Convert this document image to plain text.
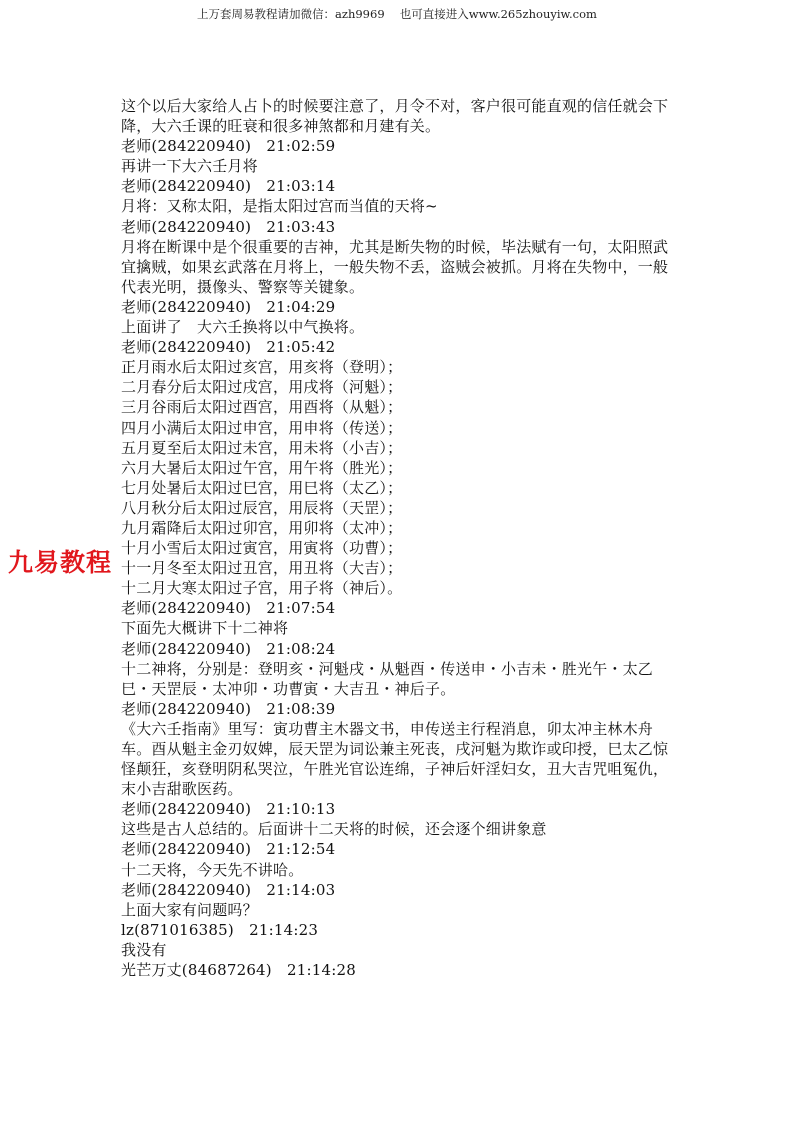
上万套周易教程请加微信：azh9969　 也可直接进入www.265zhouyiw.com
这个以后大家给人占卜的时候要注意了，月令不对，客户很可能直观的信任就会下降，大六壬课的旺衰和很多神煞都和月建有关。
老师(284220940)　21:02:59
再讲一下大六壬月将
老师(284220940)　21:03:14
月将：又称太阳，是指太阳过宫而当值的天将~
老师(284220940)　21:03:43
月将在断课中是个很重要的吉神，尤其是断失物的时候，毕法赋有一句，太阳照武宜擒贼，如果玄武落在月将上，一般失物不丢，盗贼会被抓。月将在失物中，一般代表光明，摄像头、警察等关键象。
老师(284220940)　21:04:29
上面讲了　大六壬换将以中气换将。
老师(284220940)　21:05:42
正月雨水后太阳过亥宫，用亥将（登明）；
二月春分后太阳过戌宫，用戌将（河魁）；
三月谷雨后太阳过酉宫，用酉将（从魁）；
四月小满后太阳过申宫，用申将（传送）；
五月夏至后太阳过未宫，用未将（小吉）；
六月大暑后太阳过午宫，用午将（胜光）；
七月处暑后太阳过巳宫，用巳将（太乙）；
八月秋分后太阳过辰宫，用辰将（天罡）；
九月霜降后太阳过卯宫，用卯将（太冲）；
十月小雪后太阳过寅宫，用寅将（功曹）；
十一月冬至太阳过丑宫，用丑将（大吉）；
十二月大寒太阳过子宫，用子将（神后）。
老师(284220940)　21:07:54
下面先大概讲下十二神将
老师(284220940)　21:08:24
十二神将，分别是：登明亥・河魁戌・从魁酉・传送申・小吉未・胜光午・太乙巳・天罡辰・太冲卯・功曹寅・大吉丑・神后子。
老师(284220940)　21:08:39
《大六壬指南》里写：寅功曹主木器文书，申传送主行程消息，卯太冲主林木舟车。酉从魁主金刃奴婢，辰天罡为词讼兼主死丧，戌河魁为欺诈或印授，巳太乙惊怪颠狂，亥登明阴私哭泣，午胜光官讼连绵，子神后奸淫妇女，丑大吉咒咀冤仇，末小吉甜歌医药。
老师(284220940)　21:10:13
这些是古人总结的。后面讲十二天将的时候，还会逐个细讲象意
老师(284220940)　21:12:54
十二天将，今天先不讲哈。
老师(284220940)　21:14:03
上面大家有问题吗？
lz(871016385)　21:14:23
我没有
光芒万丈(84687264)　21:14:28
九易教程
